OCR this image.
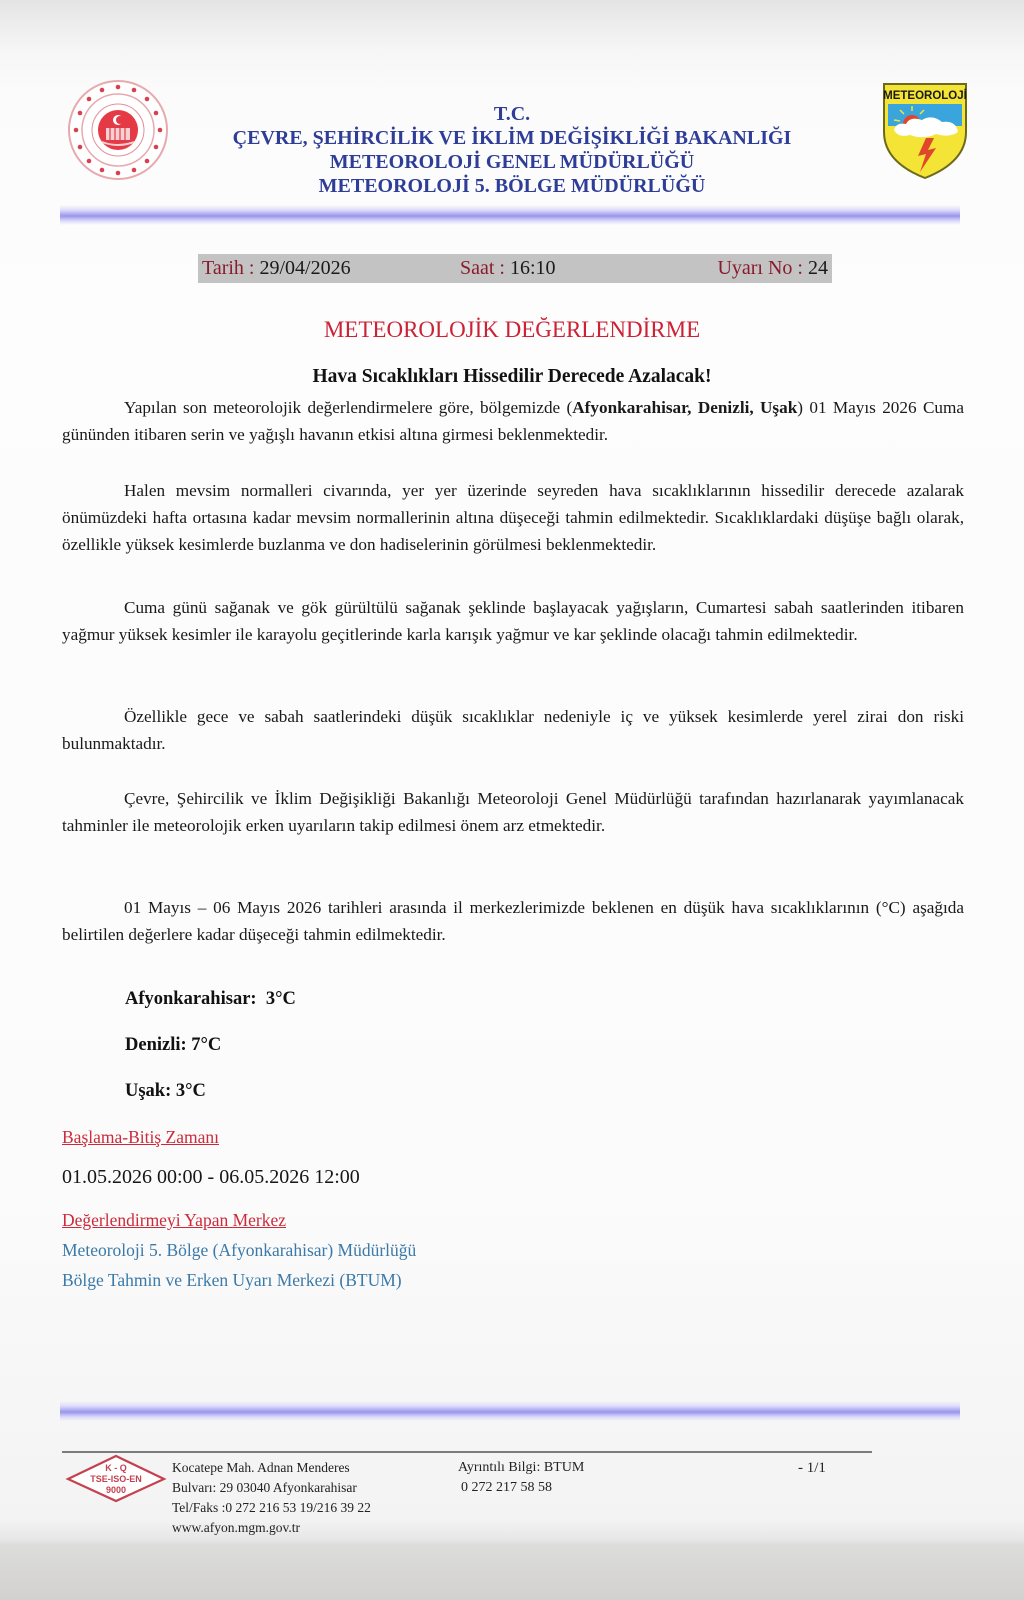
T.C.
ÇEVRE, ŞEHİRCİLİK VE İKLİM DEĞİŞİKLİĞİ BAKANLIĞI
METEOROLOJİ GENEL MÜDÜRLÜĞÜ
METEOROLOJİ 5. BÖLGE MÜDÜRLÜĞÜ
METEOROLOJİ
Tarih : 29/04/2026	Saat : 16:10	Uyarı No : 24
METEOROLOJİK DEĞERLENDİRME
Hava Sıcaklıkları Hissedilir Derecede Azalacak!
Yapılan son meteorolojik değerlendirmelere göre, bölgemizde (Afyonkarahisar, Denizli, Uşak) 01 Mayıs 2026 Cuma gününden itibaren serin ve yağışlı havanın etkisi altına girmesi beklenmektedir.
Halen mevsim normalleri civarında, yer yer üzerinde seyreden hava sıcaklıklarının hissedilir derecede azalarak önümüzdeki hafta ortasına kadar mevsim normallerinin altına düşeceği tahmin edilmektedir. Sıcaklıklardaki düşüşe bağlı olarak, özellikle yüksek kesimlerde buzlanma ve don hadiselerinin görülmesi beklenmektedir.
Cuma günü sağanak ve gök gürültülü sağanak şeklinde başlayacak yağışların, Cumartesi sabah saatlerinden itibaren yağmur yüksek kesimler ile karayolu geçitlerinde karla karışık yağmur ve kar şeklinde olacağı tahmin edilmektedir.
Özellikle gece ve sabah saatlerindeki düşük sıcaklıklar nedeniyle iç ve yüksek kesimlerde yerel zirai don riski bulunmaktadır.
Çevre, Şehircilik ve İklim Değişikliği Bakanlığı Meteoroloji Genel Müdürlüğü tarafından hazırlanarak yayımlanacak tahminler ile meteorolojik erken uyarıların takip edilmesi önem arz etmektedir.
01 Mayıs – 06 Mayıs 2026 tarihleri arasında il merkezlerimizde beklenen en düşük hava sıcaklıklarının (°C) aşağıda belirtilen değerlere kadar düşeceği tahmin edilmektedir.
Afyonkarahisar: 3°C
Denizli: 7°C
Uşak: 3°C
Başlama-Bitiş Zamanı
01.05.2026 00:00 - 06.05.2026 12:00
Değerlendirmeyi Yapan Merkez
Meteoroloji 5. Bölge (Afyonkarahisar) Müdürlüğü
Bölge Tahmin ve Erken Uyarı Merkezi (BTUM)
K - Q
TSE-ISO-EN
9000
Kocatepe Mah. Adnan Menderes
Bulvarı: 29 03040 Afyonkarahisar
Tel/Faks :0 272 216 53 19/216 39 22
www.afyon.mgm.gov.tr
Ayrıntılı Bilgi: BTUM
0 272 217 58 58
- 1/1
